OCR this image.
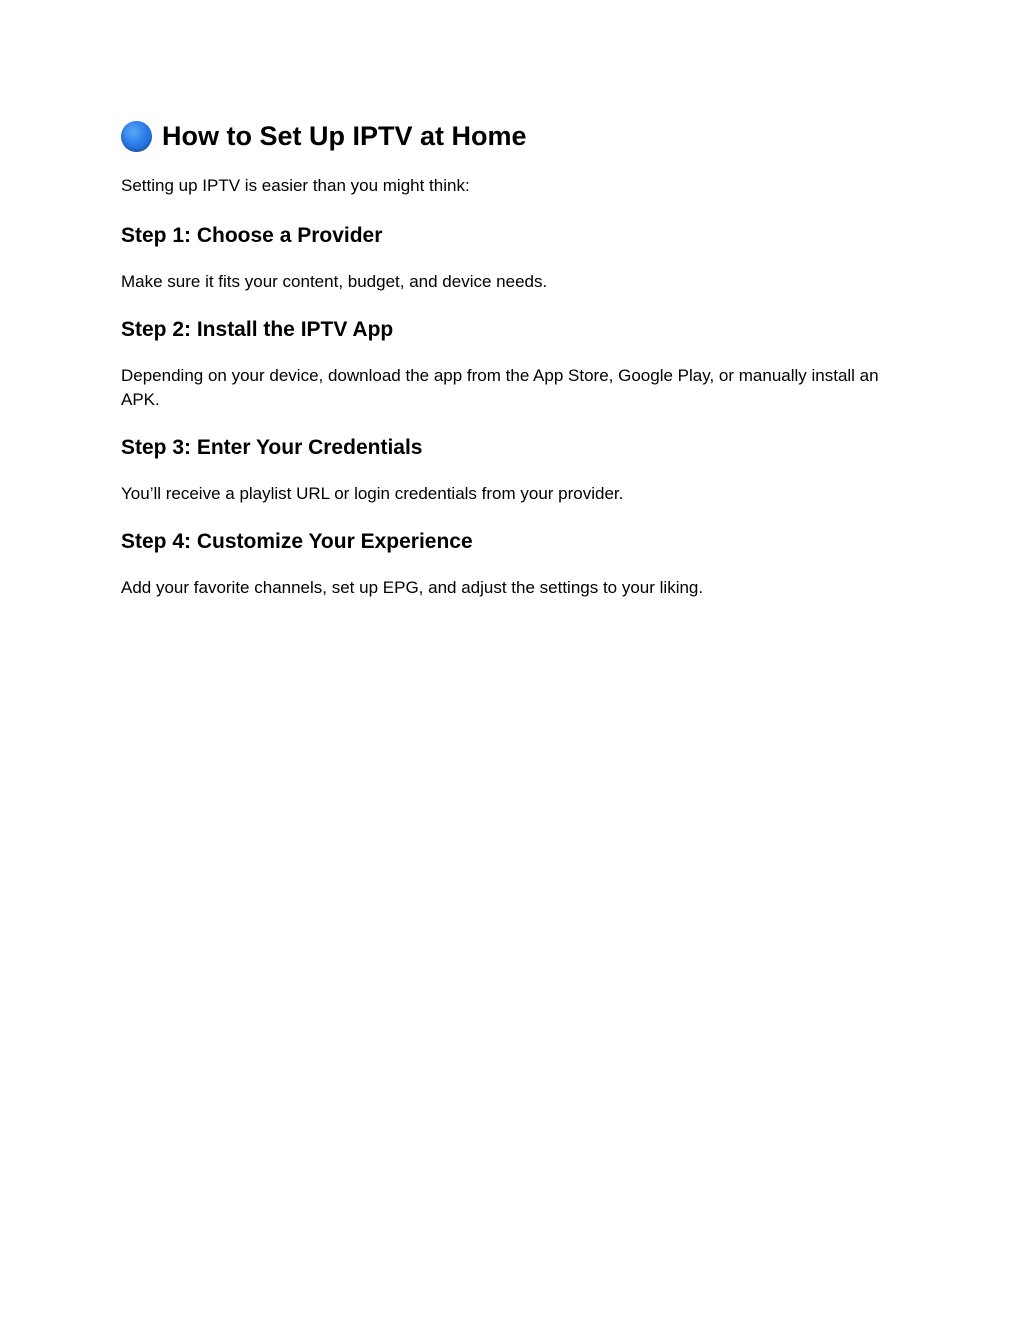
How to Set Up IPTV at Home

Setting up IPTV is easier than you might think:

Step 1: Choose a Provider

Make sure it fits your content, budget, and device needs.

Step 2: Install the IPTV App

Depending on your device, download the app from the App Store, Google Play, or manually install an APK.

Step 3: Enter Your Credentials

You’ll receive a playlist URL or login credentials from your provider.

Step 4: Customize Your Experience

Add your favorite channels, set up EPG, and adjust the settings to your liking.
